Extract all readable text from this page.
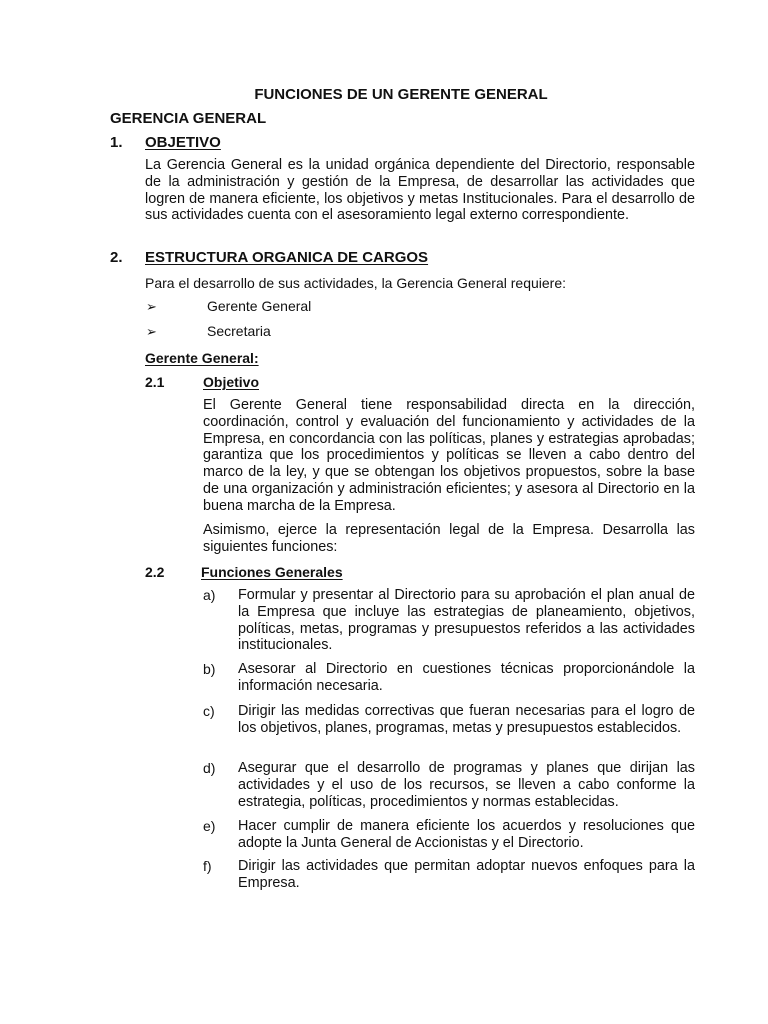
FUNCIONES DE UN GERENTE GENERAL
GERENCIA GENERAL
1. OBJETIVO
La Gerencia General es la unidad orgánica dependiente del Directorio, responsable de la administración y gestión de la Empresa, de desarrollar las actividades que logren de manera eficiente, los objetivos y metas Institucionales. Para el desarrollo de sus actividades cuenta con el asesoramiento legal externo correspondiente.
2. ESTRUCTURA ORGANICA DE CARGOS
Para el desarrollo de sus actividades, la Gerencia General requiere:
➢	Gerente General
➢	Secretaria
Gerente General:
2.1	Objetivo
El Gerente General tiene responsabilidad directa en la dirección, coordinación, control y evaluación del funcionamiento y actividades de la Empresa, en concordancia con las políticas, planes y estrategias aprobadas; garantiza que los procedimientos y políticas se lleven a cabo dentro del marco de la ley, y que se obtengan los objetivos propuestos, sobre la base de una organización y administración eficientes; y asesora al Directorio en la buena marcha de la Empresa.
Asimismo, ejerce la representación legal de la Empresa. Desarrolla las siguientes funciones:
2.2	Funciones Generales
a) Formular y presentar al Directorio para su aprobación el plan anual de la Empresa que incluye las estrategias de planeamiento, objetivos, políticas, metas, programas y presupuestos referidos a las actividades institucionales.
b) Asesorar al Directorio en cuestiones técnicas proporcionándole la información necesaria.
c) Dirigir las medidas correctivas que fueran necesarias para el logro de los objetivos, planes, programas, metas y presupuestos establecidos.
d) Asegurar que el desarrollo de programas y planes que dirijan las actividades y el uso de los recursos, se lleven a cabo conforme la estrategia, políticas, procedimientos y normas establecidas.
e) Hacer cumplir de manera eficiente los acuerdos y resoluciones que adopte la Junta General de Accionistas y el Directorio.
f) Dirigir las actividades que permitan adoptar nuevos enfoques para la Empresa.
